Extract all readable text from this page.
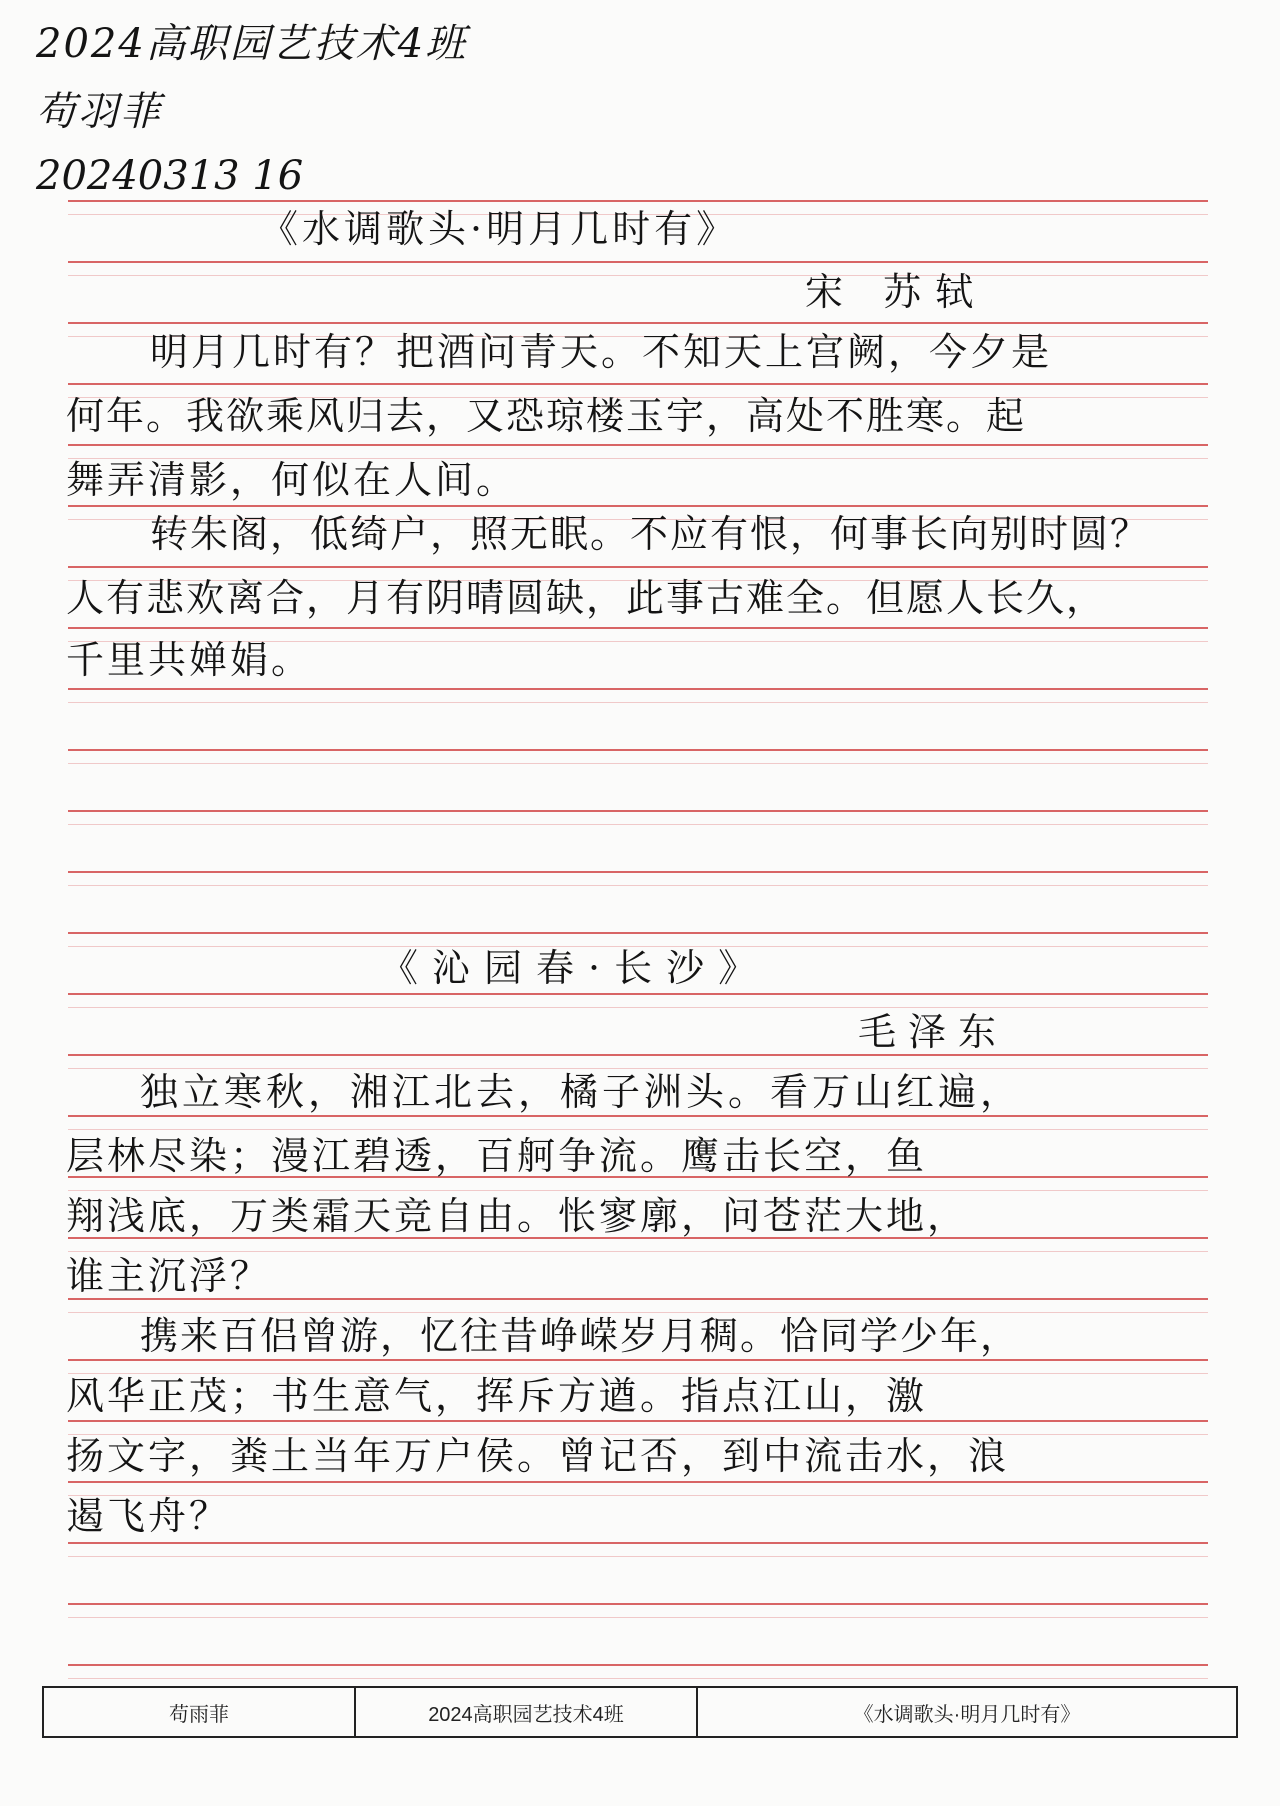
2024高职园艺技术4班
苟羽菲
20240313 16
《水调歌头·明月几时有》
宋 苏轼
明月几时有？把酒问青天。不知天上宫阙，今夕是
何年。我欲乘风归去，又恐琼楼玉宇，高处不胜寒。起
舞弄清影，何似在人间。
转朱阁，低绮户，照无眠。不应有恨，何事长向别时圆？
人有悲欢离合，月有阴晴圆缺，此事古难全。但愿人长久，
千里共婵娟。
《沁园春·长沙》
毛泽东
独立寒秋，湘江北去，橘子洲头。看万山红遍，
层林尽染；漫江碧透，百舸争流。鹰击长空，鱼
翔浅底，万类霜天竞自由。怅寥廓，问苍茫大地，
谁主沉浮？
携来百侣曾游，忆往昔峥嵘岁月稠。恰同学少年，
风华正茂；书生意气，挥斥方遒。指点江山，激
扬文字，粪土当年万户侯。曾记否，到中流击水，浪
遏飞舟？
苟雨菲	2024高职园艺技术4班	《水调歌头·明月几时有》
